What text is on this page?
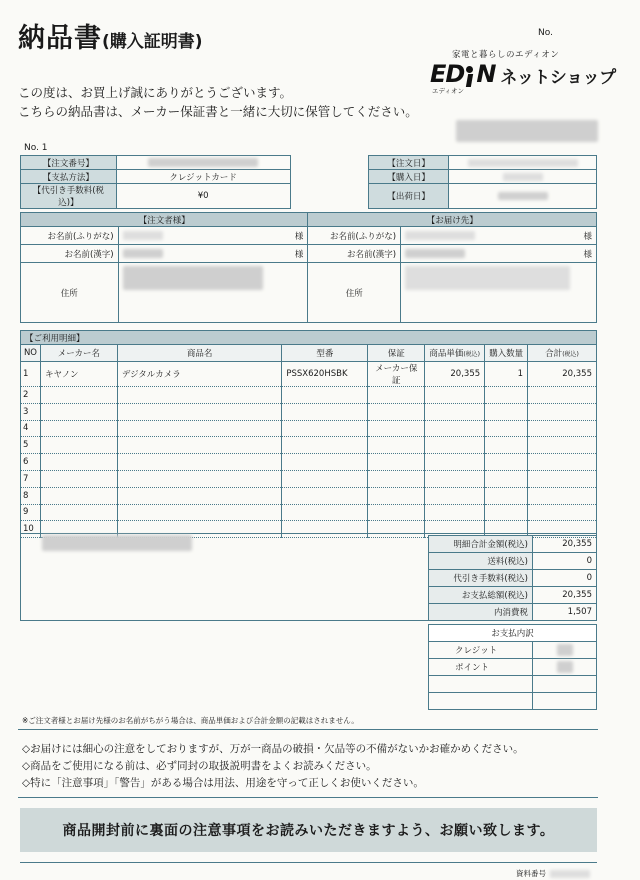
納品書(購入証明書)	No.
家電と暮らしのエディオン
ED N ネットショップ
エディオン
この度は、お買上げ誠にありがとうございます。
こちらの納品書は、メーカー保証書と一緒に大切に保管してください。
No. 1
【注文番号】				【注文日】	

【支払方法】	クレジットカード			【購入日】	

【代引き手数料(税込)】	¥0			【出荷日】	
【注文者様】		【お届け先】	
お名前(ふりがな)	様	お名前(ふりがな)	様

お名前(漢字)	様	お名前(漢字)	様

住所		住所	
【ご利用明細】							
NO	メーカー名	商品名	型番	保証	商品単価(税込)	購入数量	合計(税込)
1	キヤノン	デジタルカメラ	PSSX620HSBK	メーカー保証	20,355	1	20,355
2							
3							
4							
5							
6							
7							
8							
9							
10							
明細合計金額(税込)	20,355
送料(税込)	0
代引き手数料(税込)	0
お支払総額(税込)	20,355
内消費税	1,507
お支払内訳	
クレジット	

ポイント	

※ご注文者様とお届け先様のお名前がちがう場合は、商品単価および合計金額の記載はされません。
◇お届けには細心の注意をしておりますが、万が一商品の破損・欠品等の不備がないかお確かめください。
◇商品をご使用になる前は、必ず同封の取扱説明書をよくお読みください。
◇特に「注意事項」「警告」がある場合は用法、用途を守って正しくお使いください。
商品開封前に裏面の注意事項をお読みいただきますよう、お願い致します。
資料番号
